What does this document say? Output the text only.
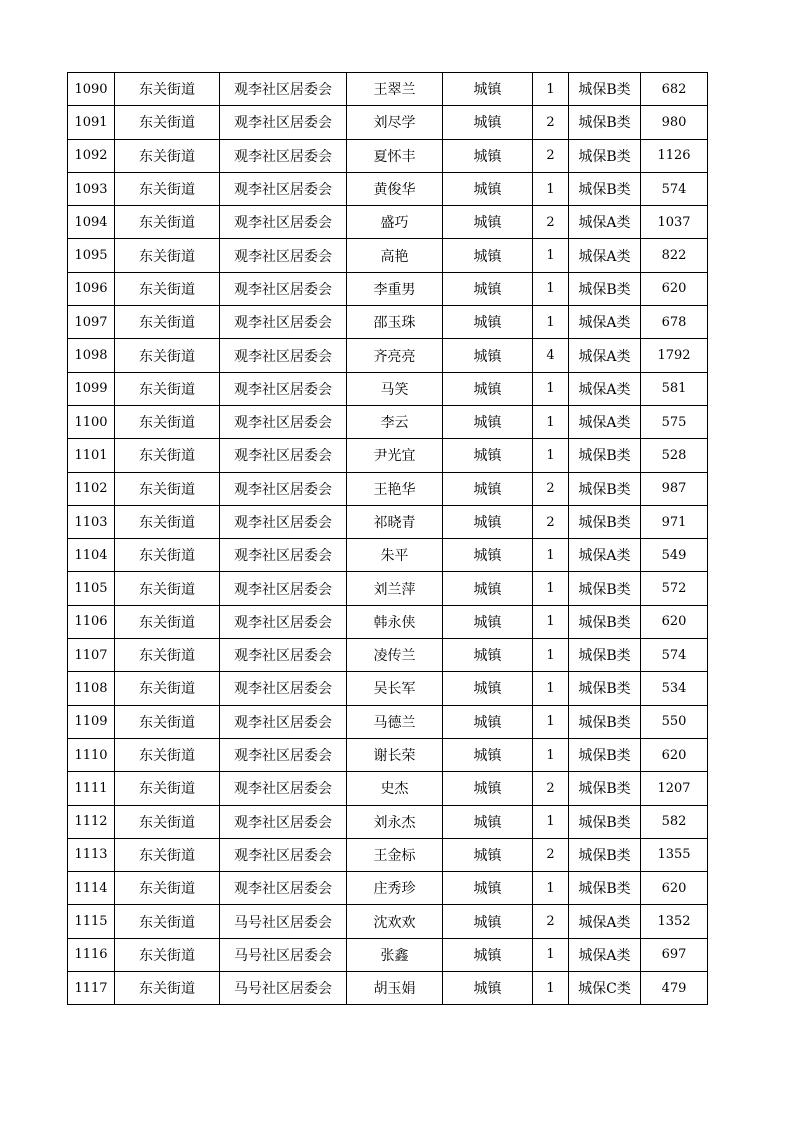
1090	东关街道	观李社区居委会	王翠兰	城镇	1	城保B类	682
1091	东关街道	观李社区居委会	刘尽学	城镇	2	城保B类	980
1092	东关街道	观李社区居委会	夏怀丰	城镇	2	城保B类	1126
1093	东关街道	观李社区居委会	黄俊华	城镇	1	城保B类	574
1094	东关街道	观李社区居委会	盛巧	城镇	2	城保A类	1037
1095	东关街道	观李社区居委会	高艳	城镇	1	城保A类	822
1096	东关街道	观李社区居委会	李重男	城镇	1	城保B类	620
1097	东关街道	观李社区居委会	邵玉珠	城镇	1	城保A类	678
1098	东关街道	观李社区居委会	齐亮亮	城镇	4	城保A类	1792
1099	东关街道	观李社区居委会	马笑	城镇	1	城保A类	581
1100	东关街道	观李社区居委会	李云	城镇	1	城保A类	575
1101	东关街道	观李社区居委会	尹光宜	城镇	1	城保B类	528
1102	东关街道	观李社区居委会	王艳华	城镇	2	城保B类	987
1103	东关街道	观李社区居委会	祁晓青	城镇	2	城保B类	971
1104	东关街道	观李社区居委会	朱平	城镇	1	城保A类	549
1105	东关街道	观李社区居委会	刘兰萍	城镇	1	城保B类	572
1106	东关街道	观李社区居委会	韩永侠	城镇	1	城保B类	620
1107	东关街道	观李社区居委会	凌传兰	城镇	1	城保B类	574
1108	东关街道	观李社区居委会	吴长军	城镇	1	城保B类	534
1109	东关街道	观李社区居委会	马德兰	城镇	1	城保B类	550
1110	东关街道	观李社区居委会	谢长荣	城镇	1	城保B类	620
1111	东关街道	观李社区居委会	史杰	城镇	2	城保B类	1207
1112	东关街道	观李社区居委会	刘永杰	城镇	1	城保B类	582
1113	东关街道	观李社区居委会	王金标	城镇	2	城保B类	1355
1114	东关街道	观李社区居委会	庄秀珍	城镇	1	城保B类	620
1115	东关街道	马号社区居委会	沈欢欢	城镇	2	城保A类	1352
1116	东关街道	马号社区居委会	张鑫	城镇	1	城保A类	697
1117	东关街道	马号社区居委会	胡玉娟	城镇	1	城保C类	479
